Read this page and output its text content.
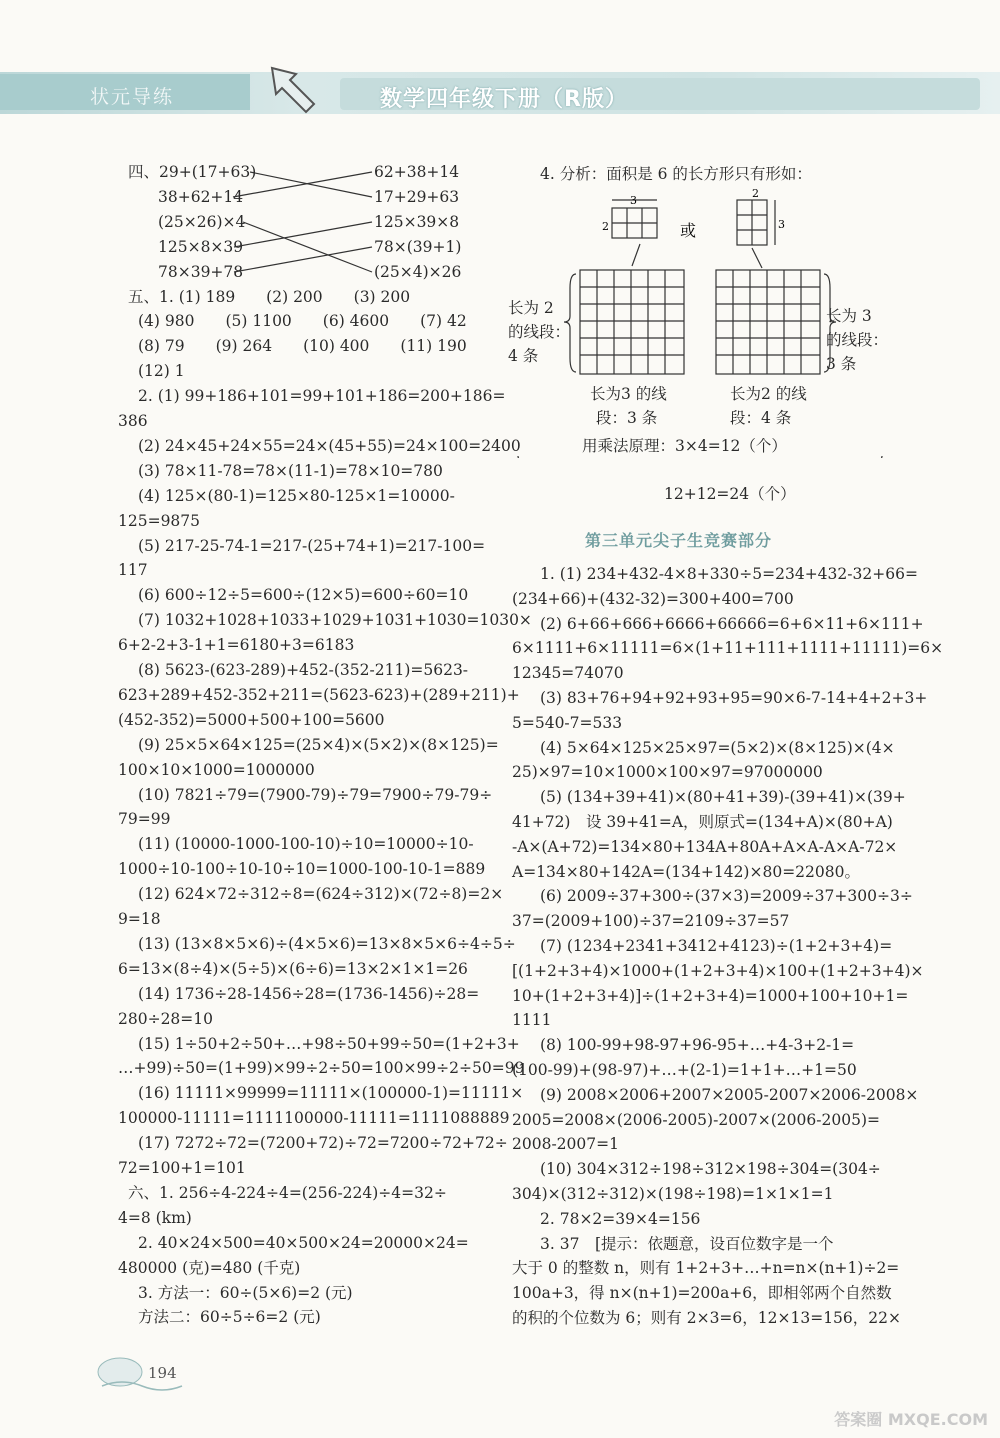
状元导练	数学四年级下册（R版）
四、29+(17+63)
38+62+14
(25×26)×4
125×8×39
78×39+78
五、1. (1) 189　　(2) 200　　(3) 200
(4) 980　　(5) 1100　　(6) 4600　　(7) 42
(8) 79　　(9) 264　　(10) 400　　(11) 190
(12) 1
2. (1) 99+186+101=99+101+186=200+186=
386
(2) 24×45+24×55=24×(45+55)=24×100=2400
(3) 78×11-78=78×(11-1)=78×10=780
(4) 125×(80-1)=125×80-125×1=10000-
125=9875
(5) 217-25-74-1=217-(25+74+1)=217-100=
117
(6) 600÷12÷5=600÷(12×5)=600÷60=10
(7) 1032+1028+1033+1029+1031+1030=1030×
6+2-2+3-1+1=6180+3=6183
(8) 5623-(623-289)+452-(352-211)=5623-
623+289+452-352+211=(5623-623)+(289+211)+
(452-352)=5000+500+100=5600
(9) 25×5×64×125=(25×4)×(5×2)×(8×125)=
100×10×1000=1000000
(10) 7821÷79=(7900-79)÷79=7900÷79-79÷
79=99
(11) (10000-1000-100-10)÷10=10000÷10-
1000÷10-100÷10-10÷10=1000-100-10-1=889
(12) 624×72÷312÷8=(624÷312)×(72÷8)=2×
9=18
(13) (13×8×5×6)÷(4×5×6)=13×8×5×6÷4÷5÷
6=13×(8÷4)×(5÷5)×(6÷6)=13×2×1×1=26
(14) 1736÷28-1456÷28=(1736-1456)÷28=
280÷28=10
(15) 1÷50+2÷50+…+98÷50+99÷50=(1+2+3+
…+99)÷50=(1+99)×99÷2÷50=100×99÷2÷50=99
(16) 11111×99999=11111×(100000-1)=11111×
100000-11111=1111100000-11111=1111088889
(17) 7272÷72=(7200+72)÷72=7200÷72+72÷
72=100+1=101
六、1. 256÷4-224÷4=(256-224)÷4=32÷
4=8 (km)
2. 40×24×500=40×500×24=20000×24=
480000 (克)=480 (千克)
3. 方法一：60÷(5×6)=2 (元)
方法二：60÷5÷6=2 (元)
62+38+14
17+29+63
125×39×8
78×(39+1)
(25×4)×26
4. 分析：面积是 6 的长方形只有形如：
3
2	或
2
3
长为 2
的线段：
4 条
长为 3
的线段：
3 条
长为3 的线
段：3 条
长为2 的线
段：4 条
用乘法原理：3×4=12（个）
12+12=24（个）
第三单元尖子生竞赛部分
1. (1) 234+432-4×8+330÷5=234+432-32+66=
(234+66)+(432-32)=300+400=700
(2) 6+66+666+6666+66666=6+6×11+6×111+
6×1111+6×11111=6×(1+11+111+1111+11111)=6×
12345=74070
(3) 83+76+94+92+93+95=90×6-7-14+4+2+3+
5=540-7=533
(4) 5×64×125×25×97=(5×2)×(8×125)×(4×
25)×97=10×1000×100×97=97000000
(5) (134+39+41)×(80+41+39)-(39+41)×(39+
41+72)　设 39+41=A，则原式=(134+A)×(80+A)
-A×(A+72)=134×80+134A+80A+A×A-A×A-72×
A=134×80+142A=(134+142)×80=22080。
(6) 2009÷37+300÷(37×3)=2009÷37+300÷3÷
37=(2009+100)÷37=2109÷37=57
(7) (1234+2341+3412+4123)÷(1+2+3+4)=
[(1+2+3+4)×1000+(1+2+3+4)×100+(1+2+3+4)×
10+(1+2+3+4)]÷(1+2+3+4)=1000+100+10+1=
1111
(8) 100-99+98-97+96-95+…+4-3+2-1=
(100-99)+(98-97)+…+(2-1)=1+1+…+1=50
(9) 2008×2006+2007×2005-2007×2006-2008×
2005=2008×(2006-2005)-2007×(2006-2005)=
2008-2007=1
(10) 304×312÷198÷312×198÷304=(304÷
304)×(312÷312)×(198÷198)=1×1×1=1
2. 78×2=39×4=156
3. 37　[提示：依题意，设百位数字是一个
大于 0 的整数 n，则有 1+2+3+…+n=n×(n+1)÷2=
100a+3，得 n×(n+1)=200a+6，即相邻两个自然数
的积的个位数为 6；则有 2×3=6，12×13=156，22×
194
答案圈 MXQE.COM
